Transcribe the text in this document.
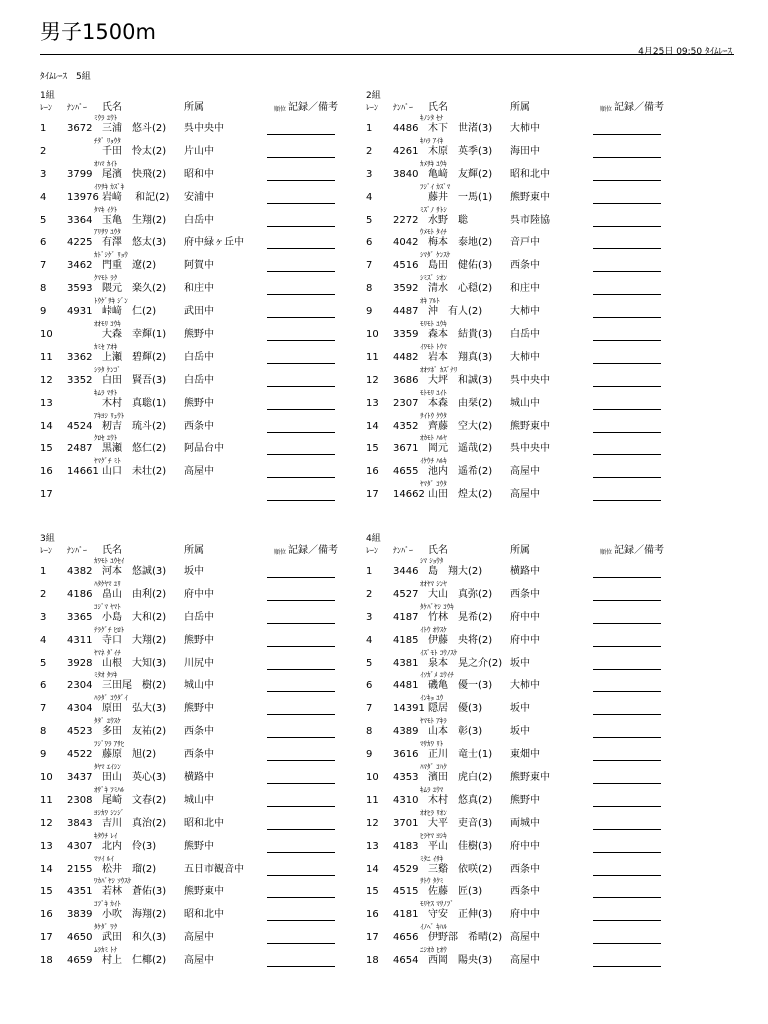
男子1500m
4月25日 09:50 ﾀｲﾑﾚｰｽ
ﾀｲﾑﾚｰｽ　5組
1組
ﾚｰﾝ ﾅﾝﾊﾞｰ 氏名	所属	順位 記録／備考
ﾐｳﾗ ﾕｳﾄ
1 3672 三浦　悠斗(2) 呉中央中
ﾁﾀﾞ ﾘｮｳﾀ
2	千田　怜太(2) 片山中
ｵﾊﾏ ｶｲﾄ
3 3799 尾濱　快飛(2) 昭和中
ｲﾜｻｷ ｶｽﾞｷ
4 13976 岩﨑　 和記(2) 安浦中
ﾀﾏｷ ｲｸﾄ
5 3364 玉亀　生翔(2) 白岳中
ｱﾘｻﾜ ﾕｳﾀ
6 4225 有澤　悠太(3) 府中緑ヶ丘中
ｶﾄﾞｼｹﾞ ﾘｮｳ
7 3462 門重　遼(2)	阿賀中
ｸﾏﾓﾄ ﾗｸ
8 3593 隈元　楽久(2) 和庄中
ﾄｳｹﾞｻｷ ｼﾞﾝ
9 4931 峠﨑　仁(2)	武田中
ｵｵﾓﾘ ｺｳｷ
10	大森　幸輝(1) 熊野中
ｶﾐｾ ｱｵｷ
11 3362 上瀬　碧輝(2) 白岳中
ｼﾗﾀ ｹﾝｺﾞ
12 3352 白田　賢吾(3) 白岳中
ｷﾑﾗ ﾏｻﾄ
13	木村　真聡(1) 熊野中
ｱｷﾖｼ ﾘｭｳﾄ
14 4524 籾吉　琉斗(2) 西条中
ｸﾛｾ ﾕｳﾄ
15 2487 黒瀬　悠仁(2) 阿品台中
ﾔﾏｸﾞﾁ ﾐﾄ
16 14661 山口　未壮(2) 高屋中
17
2組
ﾚｰﾝ ﾅﾝﾊﾞｰ 氏名	所属	順位 記録／備考
ｷﾉｼﾀ ｾﾅ
1 4486 木下　世渚(3) 大柿中
ｷﾊﾗ ｱｲｷ
2 4261 木原　英季(3) 海田中
ｶﾒｻｷ ﾕｳｷ
3 3840 亀﨑　友輝(2) 昭和北中
ﾌｼﾞｲ ｶｽﾞﾏ
4	藤井　一馬(1) 熊野東中
ﾐｽﾞﾉ ｻﾄｼ
5 2272 水野　聡	呉市陸協
ｳﾒﾓﾄ ﾀｲﾁ
6 4042 梅本　泰地(2) 音戸中
ｼﾏﾀﾞ ｹﾝｽｹ
7 4516 島田　健佑(3) 西条中
ｼﾐｽﾞ ｼｵﾝ
8 3592 清水　心穏(2) 和庄中
ｵｷ ｱﾙﾄ
9 4487 沖　有人(2)	大柿中
ﾓﾘﾓﾄ ﾕｳｷ
10 3359 森本　結貴(3) 白岳中
ｲﾜﾓﾄ ﾄｳﾏ
11 4482 岩本　翔真(3) 大柿中
ｵｵﾂﾎﾞ ｶｽﾞﾅﾘ
12 3686 大坪　和誠(3) 呉中央中
ﾓﾄﾓﾘ ﾕｲﾄ
13 2307 本森　由栞(2) 城山中
ｻｲﾄｳ ｸｳﾀ
14 4352 齊藤　空大(2) 熊野東中
ｵｶﾓﾄ ﾊﾙﾔ
15 3671 岡元　遥哉(2) 呉中央中
ｲｹｳﾁ ﾊﾙｷ
16 4655 池内　遥希(2) 高屋中
ﾔﾏﾀﾞ ｺｳﾀ
17 14662 山田　煌太(2) 高屋中
3組
ﾚｰﾝ ﾅﾝﾊﾞｰ 氏名	所属	順位 記録／備考
ｶﾜﾓﾄ ﾕｳｾｲ
1 4382 河本　悠誠(3) 坂中
ﾊﾀｹﾔﾏ ﾕﾘ
2 4186 畠山　由利(2) 府中中
ｺｼﾞﾏ ﾔﾏﾄ
3 3365 小島　大和(2) 白岳中
ﾃﾗｸﾞﾁ ﾋﾛﾄ
4 4311 寺口　大翔(2) 熊野中
ﾔﾏﾈ ﾀﾞｲﾁ
5 3928 山根　大知(3) 川尻中
ﾐﾀｵ ﾀﾂｷ
6 2304 三田尾　樹(2) 城山中
ﾊﾗﾀﾞ ｺｳﾀﾞｲ
7 4304 原田　弘大(3) 熊野中
ﾀﾀﾞ ﾕｳｽｹ
8 4523 多田　友祐(2) 西条中
ﾌｼﾞﾜﾗ ｱｻﾋ
9 4522 藤原　旭(2)	西条中
ﾀﾔﾏ ｴｲｼﾝ
10 3437 田山　英心(3) 横路中
ｵｻﾞｷ ﾌﾐﾊﾙ
11 2308 尾崎　文春(2) 城山中
ﾖｼｶﾜ ｼﾝｼﾞ
12 3843 吉川　真治(2) 昭和北中
ｷﾀｳﾁ ﾚｲ
13 4307 北内　伶(3)	熊野中
ﾏﾂｲ ﾙｲ
14 2155 松井　瑠(2)	五日市観音中
ﾜｶﾊﾞﾔｼ ｿｳｽｹ
15 4351 若林　蒼佑(3) 熊野東中
ｺﾌﾞｷ ｶｲﾄ
16 3839 小吹　海翔(2) 昭和北中
ﾀｹﾀﾞ ﾜｸ
17 4650 武田　和久(3) 高屋中
ﾑﾗｶﾐ ﾄﾅ
18 4659 村上　仁椰(2) 高屋中
4組
ﾚｰﾝ ﾅﾝﾊﾞｰ 氏名	所属	順位 記録／備考
ｼﾏ ｼｮｳﾀ
1 3446 島　翔大(2)	横路中
ｵｵﾔﾏ ｼﾝﾔ
2 4527 大山　真弥(2) 西条中
ﾀｹﾊﾞﾔｼ ｺｳｷ
3 4187 竹林　晃希(2) 府中中
ｲﾄｳ ｵｳｽｹ
4 4185 伊藤　央将(2) 府中中
ｲｽﾞﾓﾄ ｺｳﾉｽｹ
5 4381 泉本　晃之介(2) 坂中
ｲｿｶﾞﾒ ﾕｳｲﾁ
6 4481 磯亀　優一(3) 大柿中
ｲﾝｷｮ ﾕｳ
7 14391 隠居　優(3)	坂中
ﾔﾏﾓﾄ ｱｷﾗ
8 4389 山本　彰(3)	坂中
ﾏｻｶﾜ ﾘﾄ
9 3616 正川　竜士(1) 東畑中
ﾊﾏﾀﾞ ｺﾊｸ
10 4353 濱田　虎白(2) 熊野東中
ｷﾑﾗ ﾕｳﾏ
11 4310 木村　悠真(2) 熊野中
ｵｵﾋﾗ ﾘｵﾝ
12 3701 大平　吏音(3) 両城中
ﾋﾗﾔﾏ ﾖｼｷ
13 4183 平山　佳樹(3) 府中中
ﾐﾀﾆ ｲｻｷ
14 4529 三谿　依咲(2) 西条中
ｻﾄｳ ﾀｸﾐ
15 4515 佐藤　匠(3)	西条中
ﾓﾘﾔｽ ﾏｻﾉﾌﾞ
16 4181 守安　正伸(3) 府中中
ｲﾉﾍﾞ ｷﾊﾙ
17 4656 伊野部　希晴(2) 高屋中
ﾆｼｵｶ ﾋｵｳ
18 4654 西岡　陽央(3) 高屋中
